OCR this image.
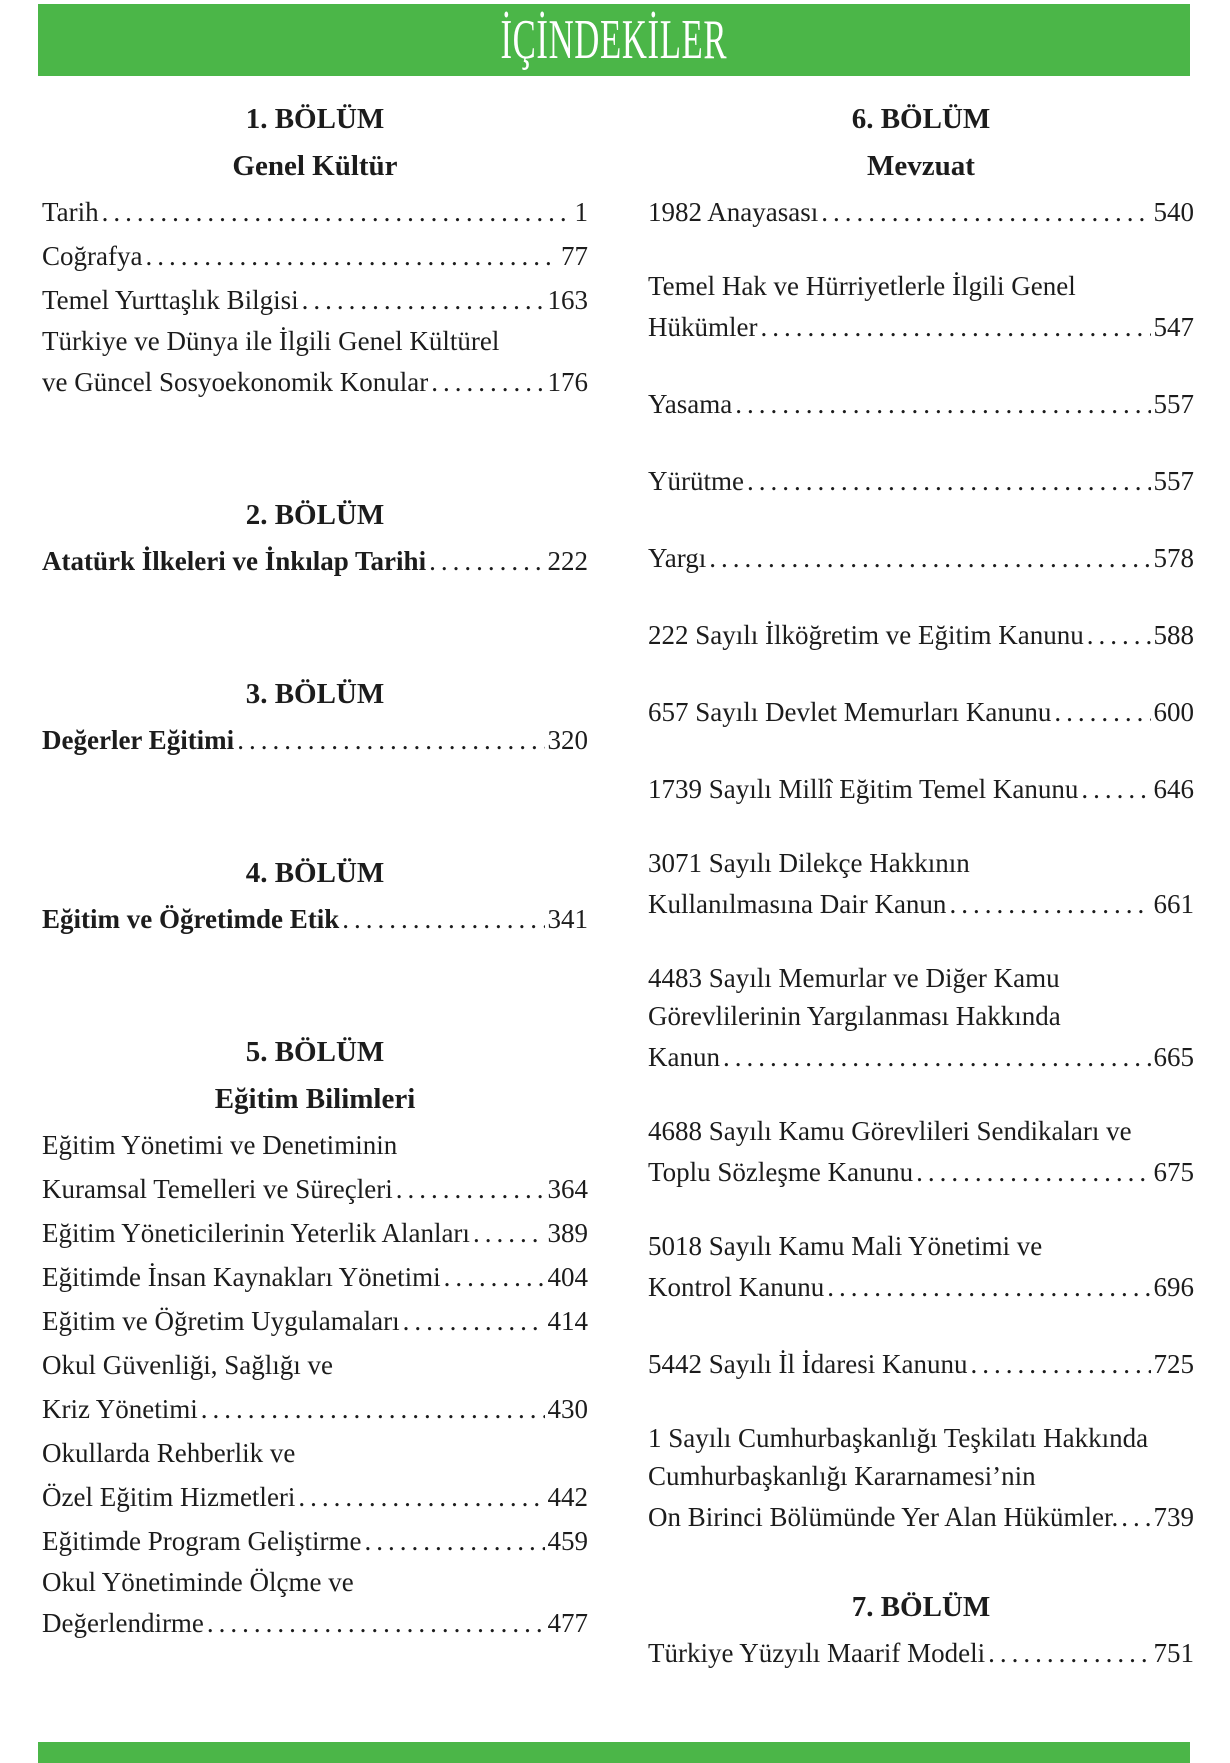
İÇİNDEKİLER
1. BÖLÜM
Genel Kültür
Tarih .....	1
Coğrafya .....	77
Temel Yurttaşlık Bilgisi .....	163
Türkiye ve Dünya ile İlgili Genel Kültürel
ve Güncel Sosyoekonomik Konular .....	176
2. BÖLÜM
Atatürk İlkeleri ve İnkılap Tarihi .....	222
3. BÖLÜM
Değerler Eğitimi .....	320
4. BÖLÜM
Eğitim ve Öğretimde Etik .....	341
5. BÖLÜM
Eğitim Bilimleri
Eğitim Yönetimi ve Denetiminin
Kuramsal Temelleri ve Süreçleri .....	364
Eğitim Yöneticilerinin Yeterlik Alanları .....	389
Eğitimde İnsan Kaynakları Yönetimi .....	404
Eğitim ve Öğretim Uygulamaları .....	414
Okul Güvenliği, Sağlığı ve
Kriz Yönetimi .....	430
Okullarda Rehberlik ve
Özel Eğitim Hizmetleri .....	442
Eğitimde Program Geliştirme .....	459
Okul Yönetiminde Ölçme ve
Değerlendirme .....	477
6. BÖLÜM
Mevzuat
1982 Anayasası .....	540
Temel Hak ve Hürriyetlerle İlgili Genel
Hükümler .....	547
Yasama .....	557
Yürütme .....	557
Yargı .....	578
222 Sayılı İlköğretim ve Eğitim Kanunu .....	588
657 Sayılı Devlet Memurları Kanunu .....	600
1739 Sayılı Millî Eğitim Temel Kanunu .....	646
3071 Sayılı Dilekçe Hakkının
Kullanılmasına Dair Kanun .....	661
4483 Sayılı Memurlar ve Diğer Kamu
Görevlilerinin Yargılanması Hakkında
Kanun .....	665
4688 Sayılı Kamu Görevlileri Sendikaları ve
Toplu Sözleşme Kanunu .....	675
5018 Sayılı Kamu Mali Yönetimi ve
Kontrol Kanunu .....	696
5442 Sayılı İl İdaresi Kanunu .....	725
1 Sayılı Cumhurbaşkanlığı Teşkilatı Hakkında
Cumhurbaşkanlığı Kararnamesi’nin
On Birinci Bölümünde Yer Alan Hükümler. ..... 739
7. BÖLÜM
Türkiye Yüzyılı Maarif Modeli .....	751
